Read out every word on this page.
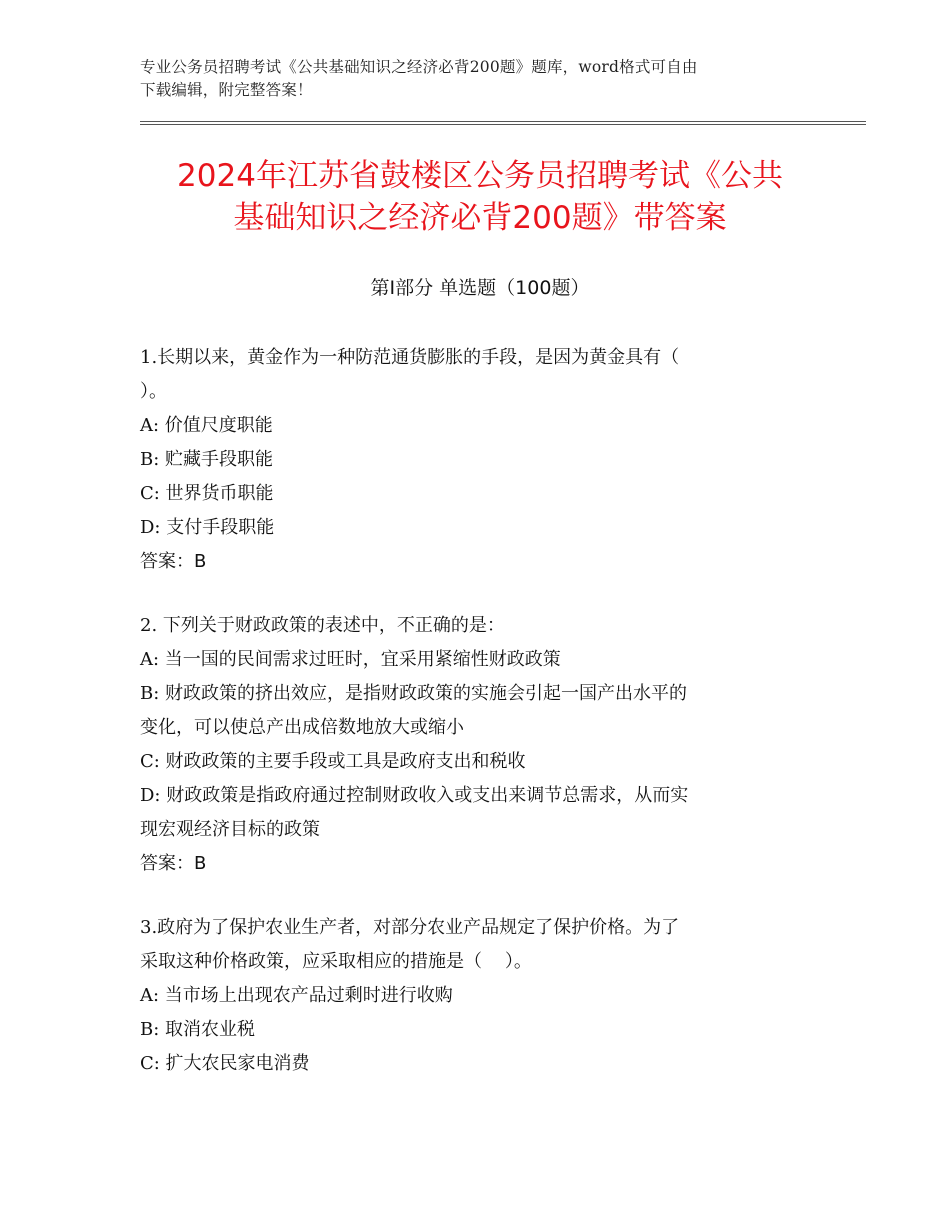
专业公务员招聘考试《公共基础知识之经济必背200题》题库，word格式可自由
下载编辑，附完整答案！
2024年江苏省鼓楼区公务员招聘考试《公共
基础知识之经济必背200题》带答案
第Ⅰ部分 单选题（100题）
1.长期以来，黄金作为一种防范通货膨胀的手段，是因为黄金具有（
）。
A: 价值尺度职能
B: 贮藏手段职能
C: 世界货币职能
D: 支付手段职能
答案：B
2. 下列关于财政政策的表述中，不正确的是：
A: 当一国的民间需求过旺时，宜采用紧缩性财政政策
B: 财政政策的挤出效应，是指财政政策的实施会引起一国产出水平的
变化，可以使总产出成倍数地放大或缩小
C: 财政政策的主要手段或工具是政府支出和税收
D: 财政政策是指政府通过控制财政收入或支出来调节总需求，从而实
现宏观经济目标的政策
答案：B
3.政府为了保护农业生产者，对部分农业产品规定了保护价格。为了
采取这种价格政策，应采取相应的措施是（    ）。
A: 当市场上出现农产品过剩时进行收购
B: 取消农业税
C: 扩大农民家电消费
